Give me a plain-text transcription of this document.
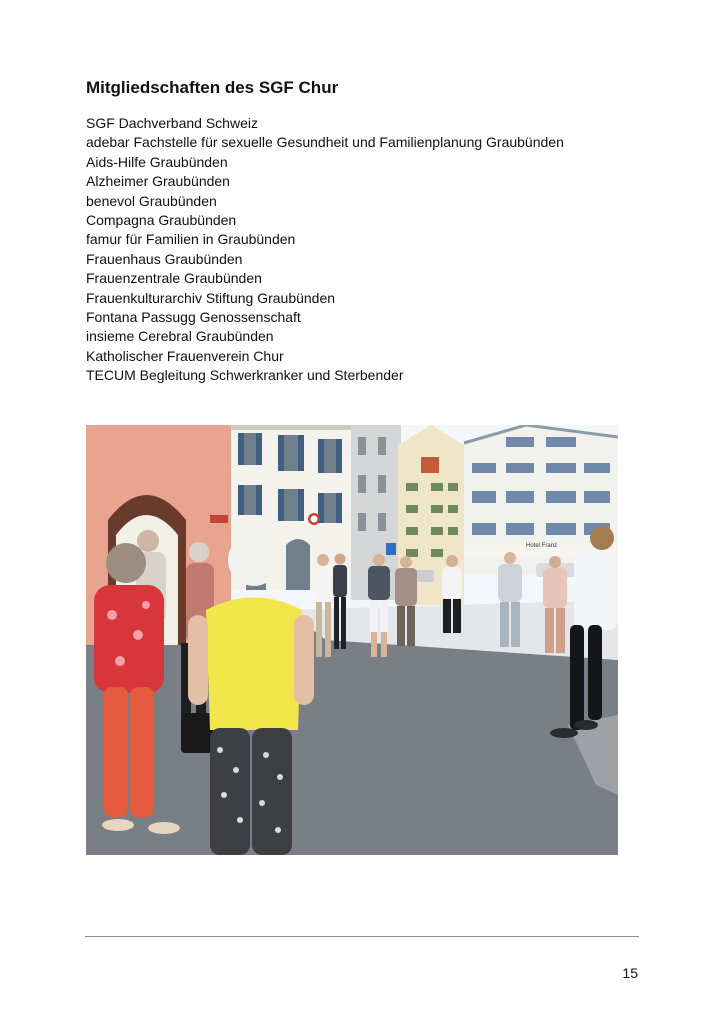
Mitgliedschaften des SGF Chur
SGF Dachverband Schweiz
adebar Fachstelle für sexuelle Gesundheit und Familienplanung Graubünden
Aids-Hilfe Graubünden
Alzheimer Graubünden
benevol Graubünden
Compagna Graubünden
famur für Familien in Graubünden
Frauenhaus Graubünden
Frauenzentrale Graubünden
Frauenkulturarchiv Stiftung Graubünden
Fontana Passugg Genossenschaft
insieme Cerebral Graubünden
Katholischer Frauenverein Chur
TECUM Begleitung Schwerkranker und Sterbender
Hotel Franz
15
